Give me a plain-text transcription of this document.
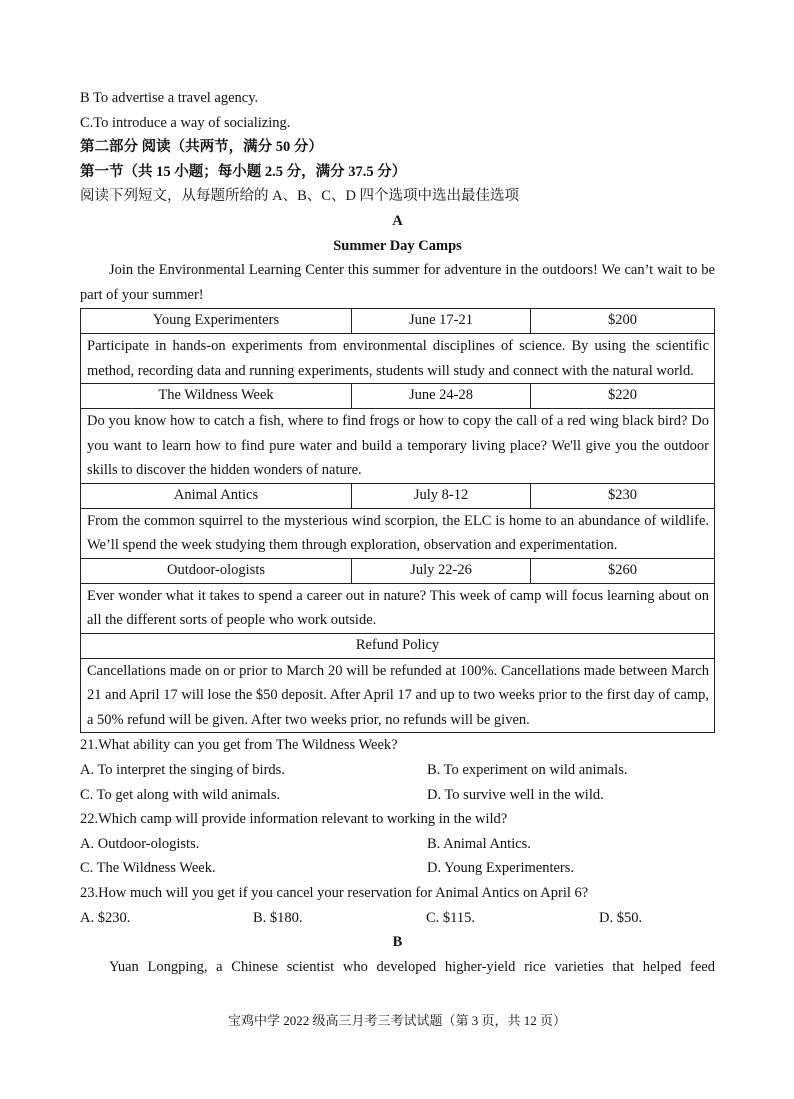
B To advertise a travel agency.
C.To introduce a way of socializing.
第二部分 阅读（共两节，满分 50 分）
第一节（共 15 小题；每小题 2.5 分，满分 37.5 分）
阅读下列短文，从每题所给的 A、B、C、D 四个选项中选出最佳选项
A
Summer Day Camps
Join the Environmental Learning Center this summer for adventure in the outdoors! We can’t wait to be part of your summer!
Young Experimenters	June 17-21	$200
Participate in hands-on experiments from environmental disciplines of science. By using the scientific method, recording data and running experiments, students will study and connect with the natural world.		
The Wildness Week	June 24-28	$220
Do you know how to catch a fish, where to find frogs or how to copy the call of a red wing black bird? Do you want to learn how to find pure water and build a temporary living place? We'll give you the outdoor skills to discover the hidden wonders of nature.		
Animal Antics	July 8-12	$230
From the common squirrel to the mysterious wind scorpion, the ELC is home to an abundance of wildlife. We’ll spend the week studying them through exploration, observation and experimentation.		
Outdoor-ologists	July 22-26	$260
Ever wonder what it takes to spend a career out in nature? This week of camp will focus learning about on all the different sorts of people who work outside.		
Refund Policy		
Cancellations made on or prior to March 20 will be refunded at 100%. Cancellations made between March 21 and April 17 will lose the $50 deposit. After April 17 and up to two weeks prior to the first day of camp, a 50% refund will be given. After two weeks prior, no refunds will be given.		
21.What ability can you get from The Wildness Week?
A. To interpret the singing of birds.	B. To experiment on wild animals.
C. To get along with wild animals.	D. To survive well in the wild.
22.Which camp will provide information relevant to working in the wild?
A. Outdoor-ologists.	B. Animal Antics.
C. The Wildness Week.	D. Young Experimenters.
23.How much will you get if you cancel your reservation for Animal Antics on April 6?
A. $230.	B. $180.	C. $115.	D. $50.
B
Yuan Longping, a Chinese scientist who developed higher-yield rice varieties that helped feed
宝鸡中学 2022 级高三月考三考试试题（第 3 页，共 12 页）
